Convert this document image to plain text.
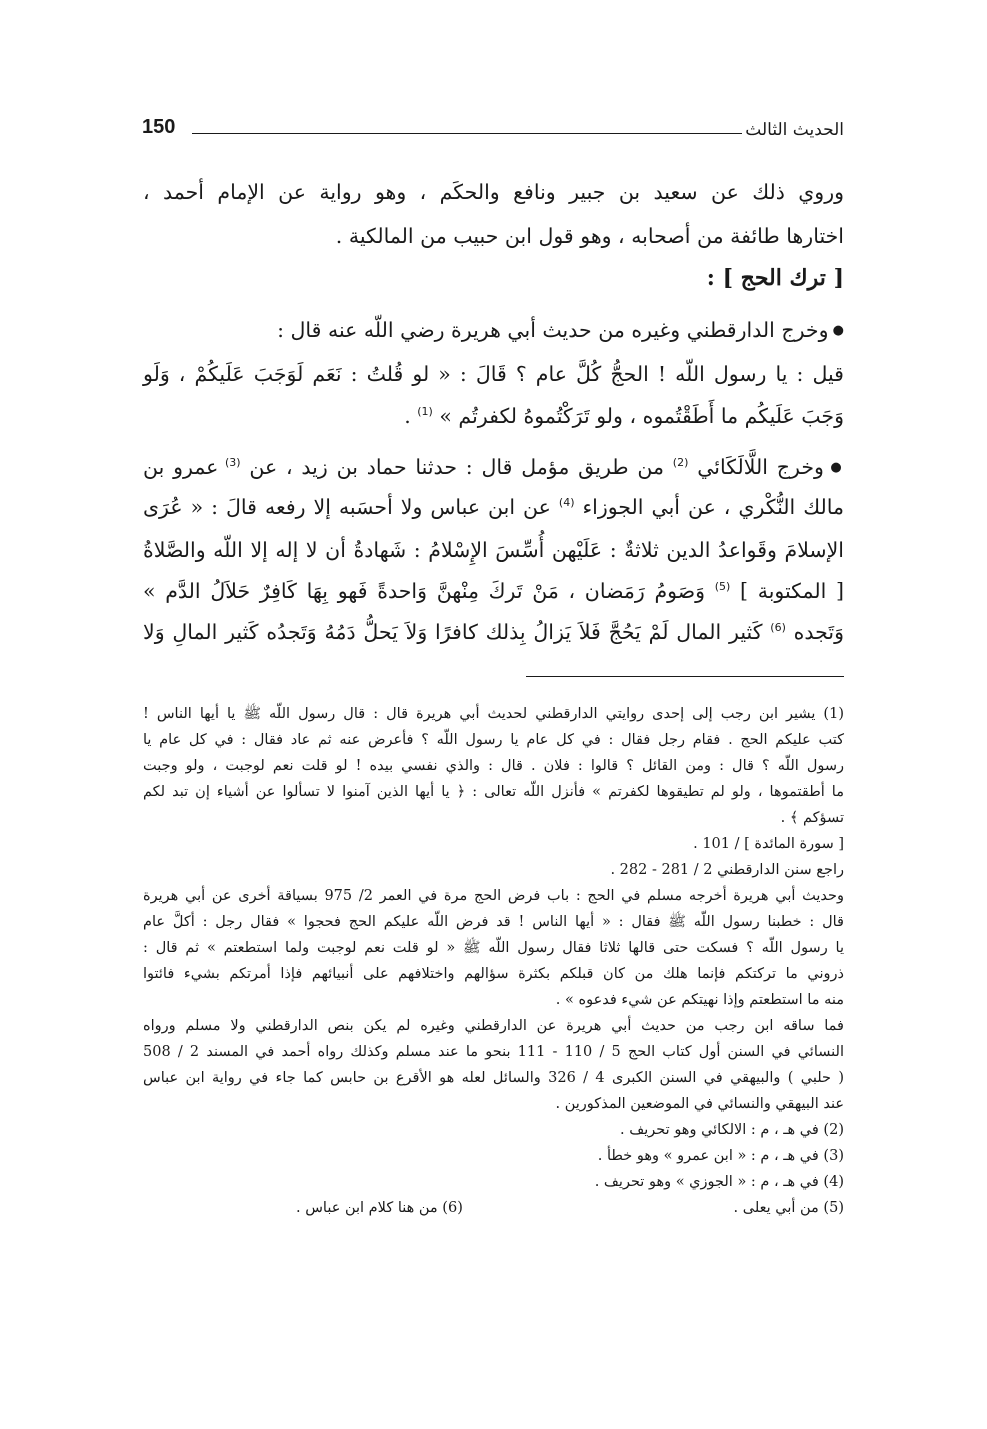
150	الحديث الثالث
وروي ذلك عن سعيد بن جبير ونافع والحكَم ، وهو رواية عن الإمام أحمد ،
اختارها طائفة من أصحابه ، وهو قول ابن حبيب من المالكية .
[ ترك الحج ] :
● وخرج الدارقطني وغيره من حديث أبي هريرة رضي اللّه عنه قال :
قيل : يا رسول اللّه ! الحجُّ كُلَّ عام ؟ قَالَ : « لو قُلتُ : نَعَم لَوَجَبَ عَلَيكُمْ ، وَلَو
وَجَبَ عَلَيكُم ما أَطَقْتُموه ، ولو تَرَكْتُموهُ لكفرتُم » $^{(1)}$ .
● وخرج اللَّالَكَائي $^{(2)}$ من طريق مؤمل قال : حدثنا حماد بن زيد ، عن $^{(3)}$ عمرو بن
مالك النُّكْري ، عن أبي الجوزاء $^{(4)}$ عن ابن عباس ولا أحسَبه إلا رفعه قالَ : « عُرَى
الإسلامَ وقَواعدُ الدين ثلاثةٌ : عَلَيْهن أُسِّسَ الإِسْلامُ : شَهادةُ أن لا إله إلا اللّه والصَّلاةُ
[ المكتوبة ] $^{(5)}$ وَصَومُ رَمَضان ، مَنْ تَركَ مِنْهنَّ وَاحدةً فَهو بِهَا كَافِرٌ حَلاَلُ الدَّم »
وَتَجده $^{(6)}$ كَثير المال لَمْ يَحُجَّ فَلاَ يَزالُ بِذلك كافرًا وَلاَ يَحلُّ دَمُهُ وَتَجدُه كَثير المالِ وَلا
(1) يشير ابن رجب إلى إحدى روايتي الدارقطني لحديث أبي هريرة قال : قال رسول اللّه ﷺ يا أيها الناس !
كتب عليكم الحج . فقام رجل فقال : في كل عام يا رسول اللّه ؟ فأعرض عنه ثم عاد فقال : في كل عام يا
رسول اللّه ؟ قال : ومن القائل ؟ قالوا : فلان . قال : والذي نفسي بيده ! لو قلت نعم لوجبت ، ولو وجبت
ما أطقتموها ، ولو لم تطيقوها لكفرتم » فأنزل اللّه تعالى : ﴿ يا أيها الذين آمنوا لا تسألوا عن أشياء إن تبد لكم
تسؤكم ﴾ .
[ سورة المائدة ] / 101 .
راجع سنن الدارقطني 2 / 281 - 282 .
وحديث أبي هريرة أخرجه مسلم في الحج : باب فرض الحج مرة في العمر 2/ 975 بسياقة أخرى عن أبي هريرة
قال : خطبنا رسول اللّه ﷺ فقال : « أيها الناس ! قد فرض اللّه عليكم الحج فحجوا » فقال رجل : أكلَّ عام
يا رسول اللّه ؟ فسكت حتى قالها ثلاثا فقال رسول اللّه ﷺ « لو قلت نعم لوجبت ولما استطعتم » ثم قال :
ذروني ما تركتكم فإنما هلك من كان قبلكم بكثرة سؤالهم واختلافهم على أنبيائهم فإذا أمرتكم بشيء فائتوا
منه ما استطعتم وإذا نهيتكم عن شيء فدعوه » .
فما ساقه ابن رجب من حديث أبي هريرة عن الدارقطني وغيره لم يكن بنص الدارقطني ولا مسلم ورواه
النسائي في السنن أول كتاب الحج 5 / 110 - 111 بنحو ما عند مسلم وكذلك رواه أحمد في المسند 2 / 508
( حلبي ) والبيهقي في السنن الكبرى 4 / 326 والسائل لعله هو الأقرع بن حابس كما جاء في رواية ابن عباس
عند البيهقي والنسائي في الموضعين المذكورين .
(2) في هـ ، م : الالكائي وهو تحريف .
(3) في هـ ، م : « ابن عمرو » وهو خطأ .
(4) في هـ ، م : « الجوزي » وهو تحريف .
(5) من أبي يعلى .
(6) من هنا كلام ابن عباس .
